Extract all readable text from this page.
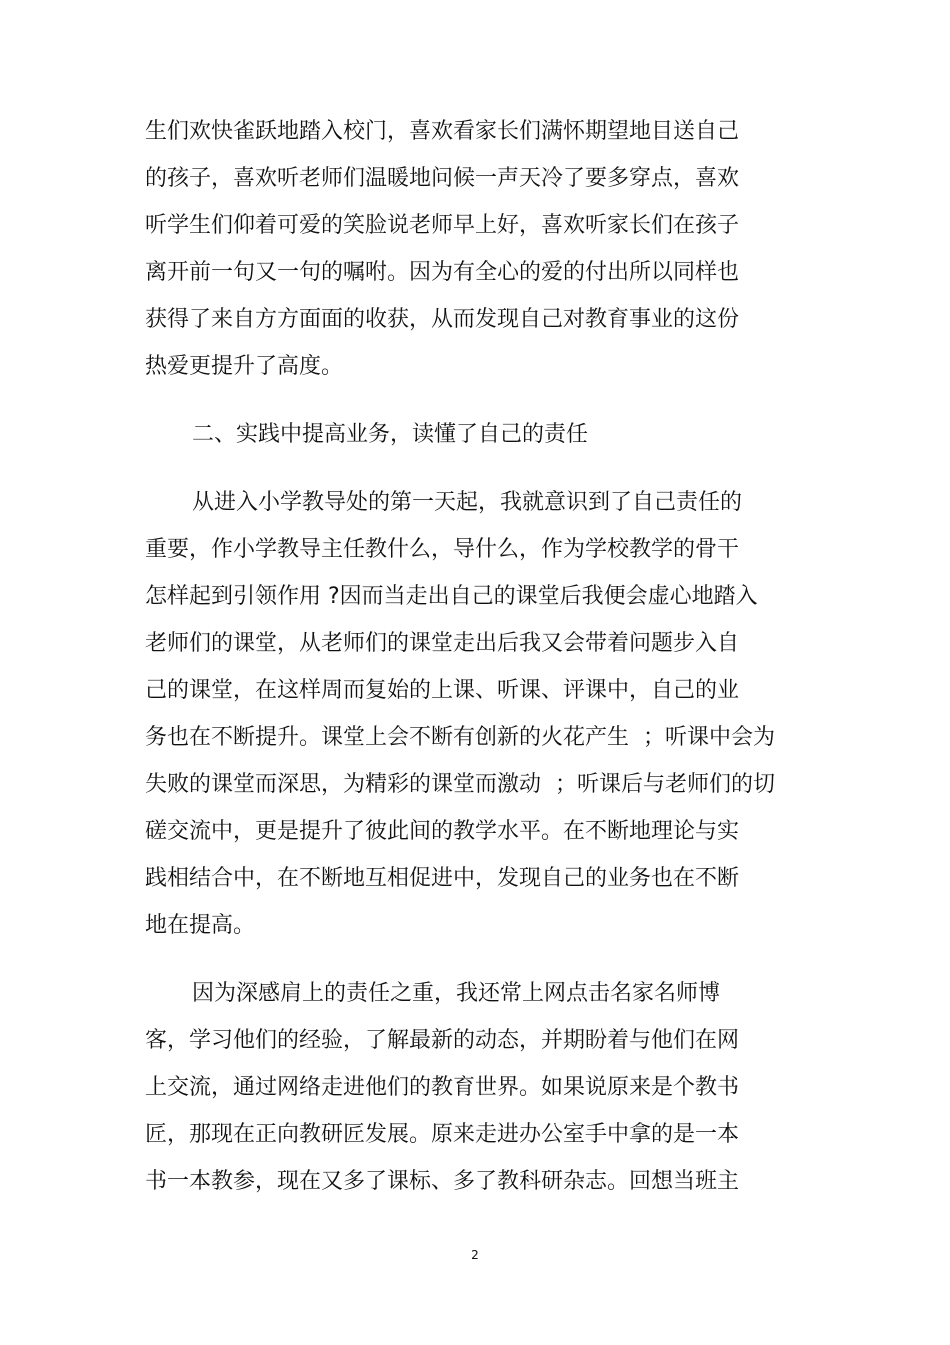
生们欢快雀跃地踏入校门，喜欢看家长们满怀期望地目送自己
的孩子，喜欢听老师们温暖地问候一声天冷了要多穿点，喜欢
听学生们仰着可爱的笑脸说老师早上好，喜欢听家长们在孩子
离开前一句又一句的嘱咐。因为有全心的爱的付出所以同样也
获得了来自方方面面的收获，从而发现自己对教育事业的这份
热爱更提升了高度。
二、实践中提高业务，读懂了自己的责任
从进入小学教导处的第一天起，我就意识到了自己责任的
重要，作小学教导主任教什么，导什么，作为学校教学的骨干
怎样起到引领作用 ?因而当走出自己的课堂后我便会虚心地踏入
老师们的课堂，从老师们的课堂走出后我又会带着问题步入自
己的课堂，在这样周而复始的上课、听课、评课中，自己的业
务也在不断提升。课堂上会不断有创新的火花产生  ；听课中会为
失败的课堂而深思，为精彩的课堂而激动  ；听课后与老师们的切
磋交流中，更是提升了彼此间的教学水平。在不断地理论与实
践相结合中，在不断地互相促进中，发现自己的业务也在不断
地在提高。
因为深感肩上的责任之重，我还常上网点击名家名师博
客，学习他们的经验，了解最新的动态，并期盼着与他们在网
上交流，通过网络走进他们的教育世界。如果说原来是个教书
匠，那现在正向教研匠发展。原来走进办公室手中拿的是一本
书一本教参，现在又多了课标、多了教科研杂志。回想当班主
2
